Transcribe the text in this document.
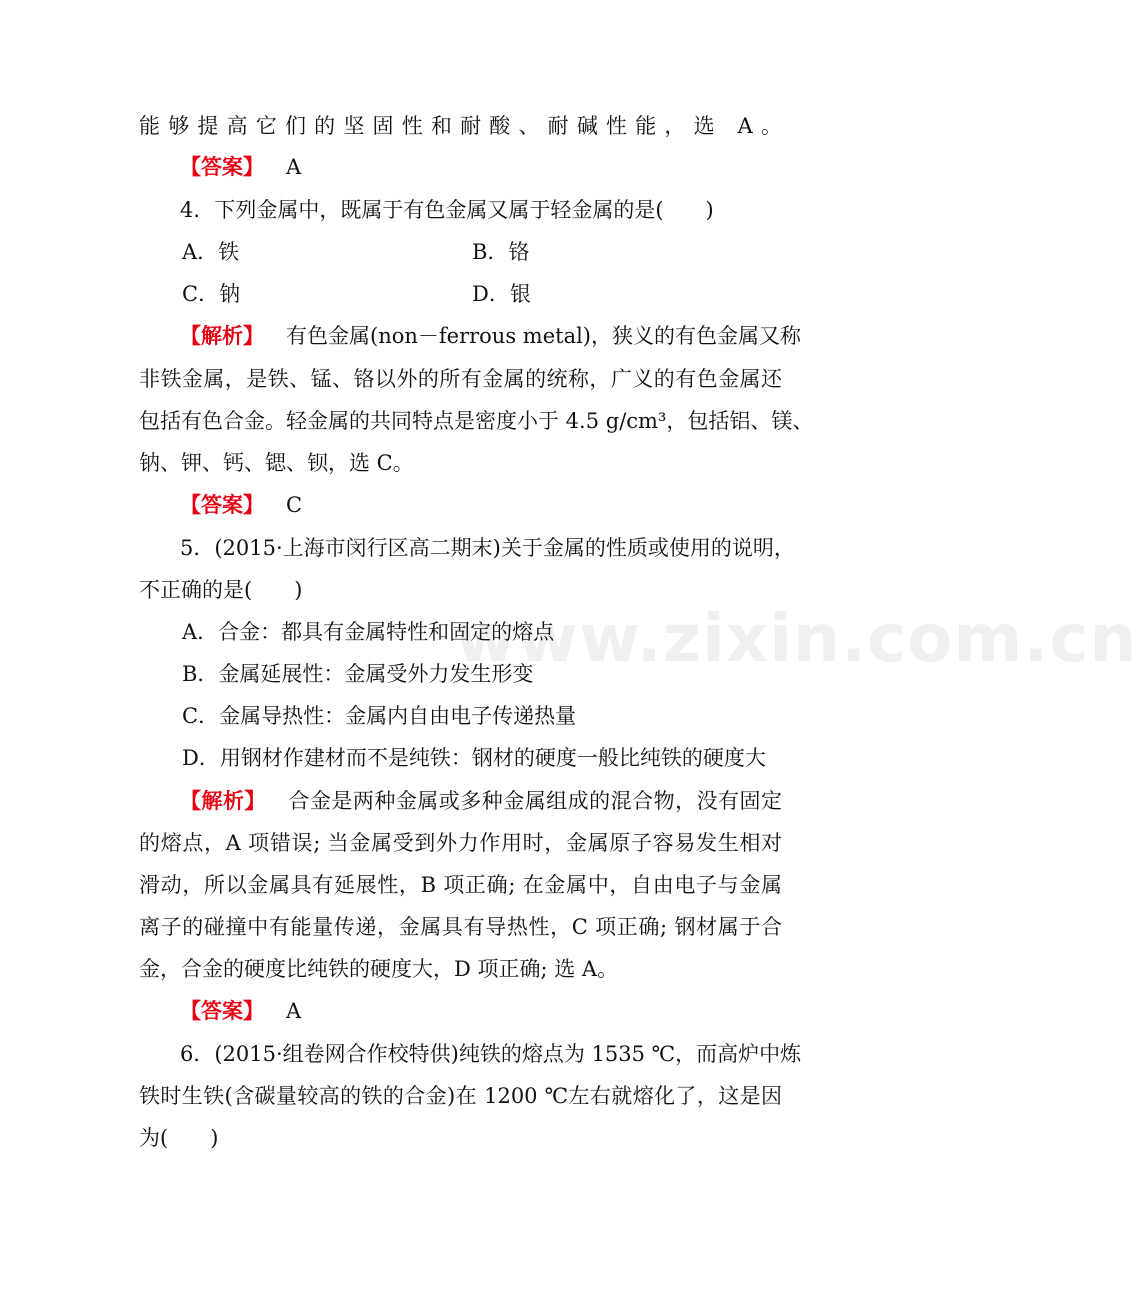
www.zixin.com.cn
能够提高它们的坚固性和耐酸、耐碱性能，选 A。
【答案】 A
4．下列金属中，既属于有色金属又属于轻金属的是(　　)
A．铁	B．铬
C．钠	D．银
【解析】 有色金属(non－ferrous metal)，狭义的有色金属又称
非铁金属，是铁、锰、铬以外的所有金属的统称，广义的有色金属还
包括有色合金。轻金属的共同特点是密度小于 4.5 g/cm³，包括铝、镁、
钠、钾、钙、锶、钡，选 C。
【答案】 C
5．(2015·上海市闵行区高二期末)关于金属的性质或使用的说明，
不正确的是(　　)
A．合金：都具有金属特性和固定的熔点
B．金属延展性：金属受外力发生形变
C．金属导热性：金属内自由电子传递热量
D．用钢材作建材而不是纯铁：钢材的硬度一般比纯铁的硬度大
【解析】 合金是两种金属或多种金属组成的混合物，没有固定
的熔点，A 项错误; 当金属受到外力作用时，金属原子容易发生相对
滑动，所以金属具有延展性，B 项正确; 在金属中，自由电子与金属
离子的碰撞中有能量传递，金属具有导热性，C 项正确; 钢材属于合
金，合金的硬度比纯铁的硬度大，D 项正确; 选 A。
【答案】 A
6．(2015·组卷网合作校特供)纯铁的熔点为 1535 ℃，而高炉中炼
铁时生铁(含碳量较高的铁的合金)在 1200 ℃左右就熔化了，这是因
为(　　)
